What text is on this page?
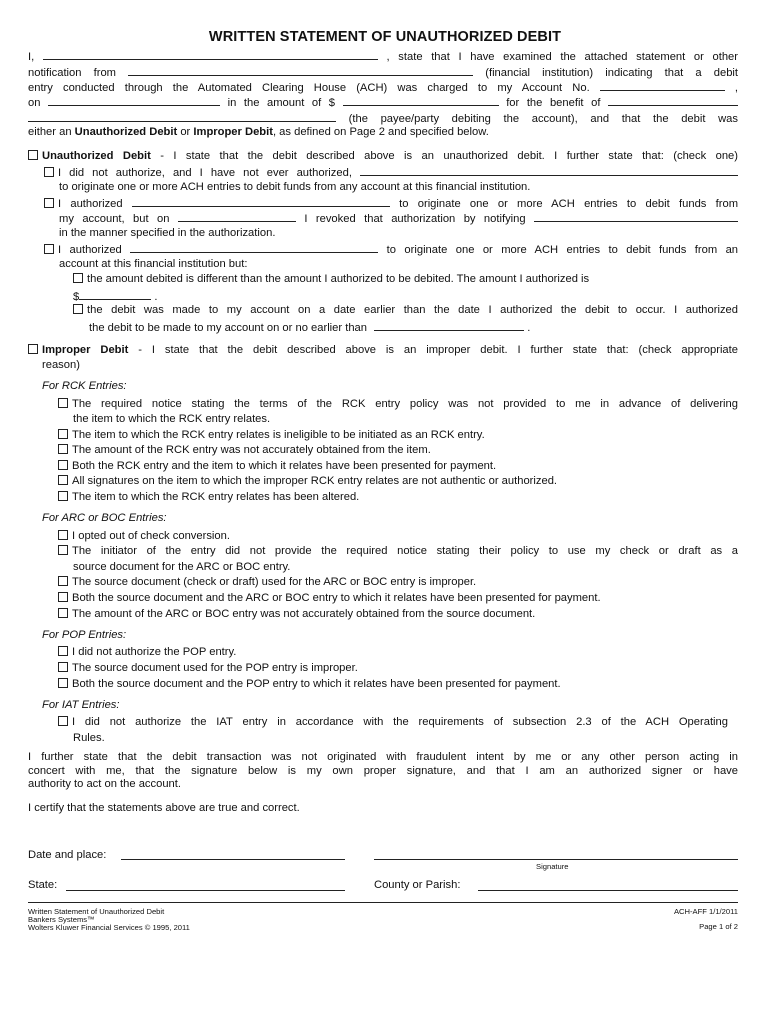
WRITTEN STATEMENT OF UNAUTHORIZED DEBIT
I,	, state that I have examined the attached statement or other
notification from	(financial institution) indicating that a debit
entry conducted through the Automated Clearing House (ACH) was charged to my Account No.	,
on	in the amount of $	for the benefit of
(the payee/party debiting the account), and that the debit was
either an Unauthorized Debit or Improper Debit, as defined on Page 2 and specified below.
Unauthorized Debit - I state that the debit described above is an unauthorized debit. I further state that: (check one)
I did not authorize, and I have not ever authorized,
to originate one or more ACH entries to debit funds from any account at this financial institution.
I authorized	to originate one or more ACH entries to debit funds from
my account, but on	I revoked that authorization by notifying
in the manner specified in the authorization.
I authorized	to originate one or more ACH entries to debit funds from an
account at this financial institution but:
the amount debited is different than the amount I authorized to be debited. The amount I authorized is
$	.
the debit was made to my account on a date earlier than the date I authorized the debit to occur. I authorized
the debit to be made to my account on or no earlier than	.
Improper Debit - I state that the debit described above is an improper debit. I further state that: (check appropriate
reason)
For RCK Entries:
The required notice stating the terms of the RCK entry policy was not provided to me in advance of delivering
the item to which the RCK entry relates.
The item to which the RCK entry relates is ineligible to be initiated as an RCK entry.
The amount of the RCK entry was not accurately obtained from the item.
Both the RCK entry and the item to which it relates have been presented for payment.
All signatures on the item to which the improper RCK entry relates are not authentic or authorized.
The item to which the RCK entry relates has been altered.
For ARC or BOC Entries:
I opted out of check conversion.
The initiator of the entry did not provide the required notice stating their policy to use my check or draft as a
source document for the ARC or BOC entry.
The source document (check or draft) used for the ARC or BOC entry is improper.
Both the source document and the ARC or BOC entry to which it relates have been presented for payment.
The amount of the ARC or BOC entry was not accurately obtained from the source document.
For POP Entries:
I did not authorize the POP entry.
The source document used for the POP entry is improper.
Both the source document and the POP entry to which it relates have been presented for payment.
For IAT Entries:
I did not authorize the IAT entry in accordance with the requirements of subsection 2.3 of the ACH Operating
Rules.
I further state that the debit transaction was not originated with fraudulent intent by me or any other person acting in
concert with me, that the signature below is my own proper signature, and that I am an authorized signer or have
authority to act on the account.
I certify that the statements above are true and correct.
Date and place:
Signature
State:	County or Parish:
Written Statement of Unauthorized Debit
Bankers Systems™
Wolters Kluwer Financial Services © 1995, 2011
ACH-AFF 1/1/2011
Page 1 of 2
